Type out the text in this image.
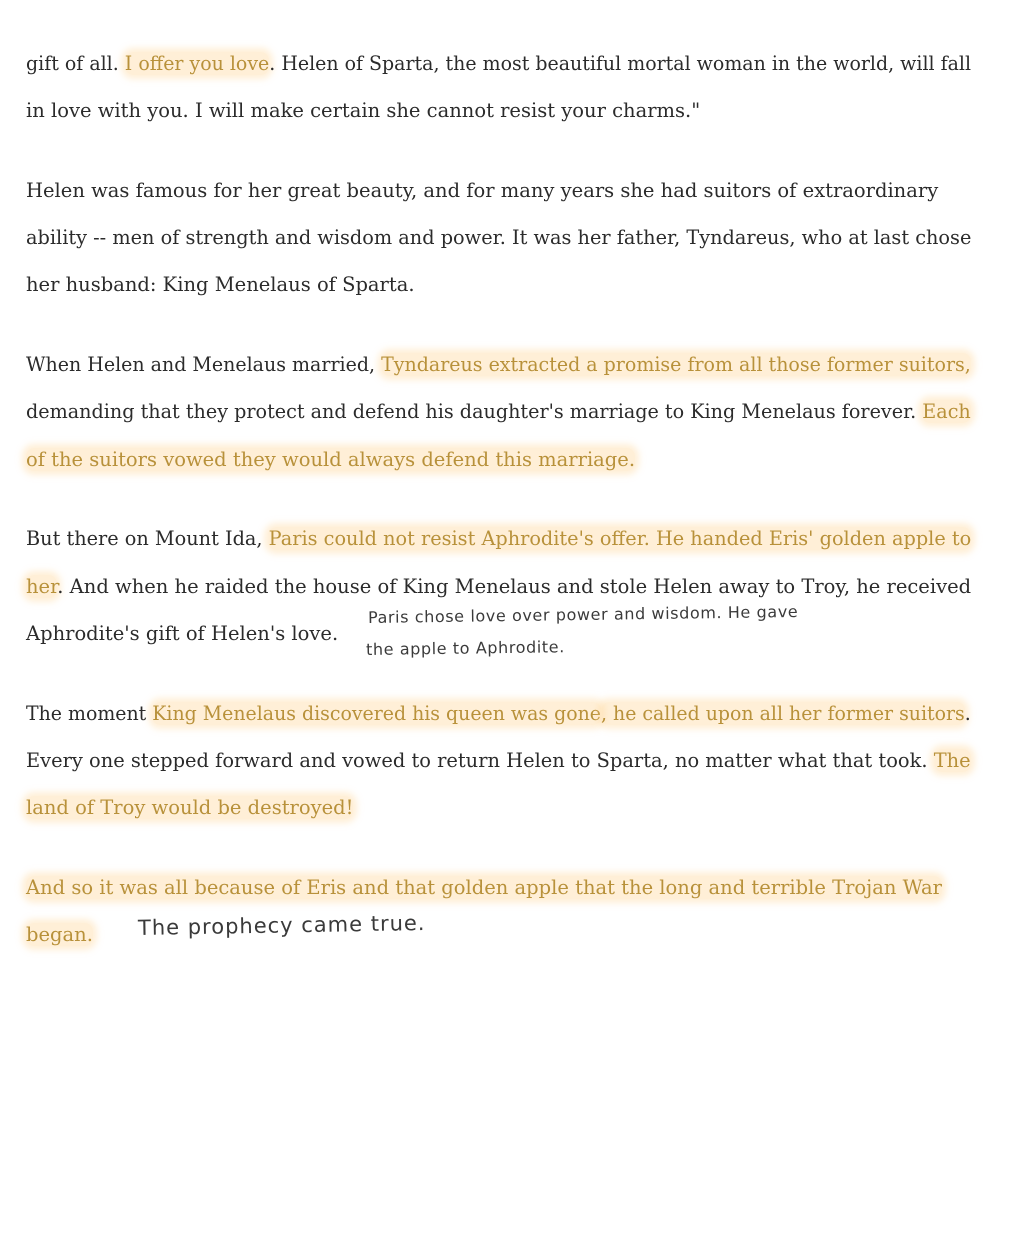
gift of all. I offer you love. Helen of Sparta, the most beautiful mortal woman in the world, will fall

in love with you. I will make certain she cannot resist your charms."

Helen was famous for her great beauty, and for many years she had suitors of extraordinary

ability -- men of strength and wisdom and power. It was her father, Tyndareus, who at last chose

her husband: King Menelaus of Sparta.

When Helen and Menelaus married, Tyndareus extracted a promise from all those former suitors,

demanding that they protect and defend his daughter's marriage to King Menelaus forever. Each

of the suitors vowed they would always defend this marriage.

But there on Mount Ida, Paris could not resist Aphrodite's offer. He handed Eris' golden apple to

her. And when he raided the house of King Menelaus and stole Helen away to Troy, he received

Aphrodite's gift of Helen's love.

Paris chose love over power and wisdom. He gave

the apple to Aphrodite.

The moment King Menelaus discovered his queen was gone, he called upon all her former suitors.

Every one stepped forward and vowed to return Helen to Sparta, no matter what that took. The

land of Troy would be destroyed!

And so it was all because of Eris and that golden apple that the long and terrible Trojan War

began. The prophecy came true.
